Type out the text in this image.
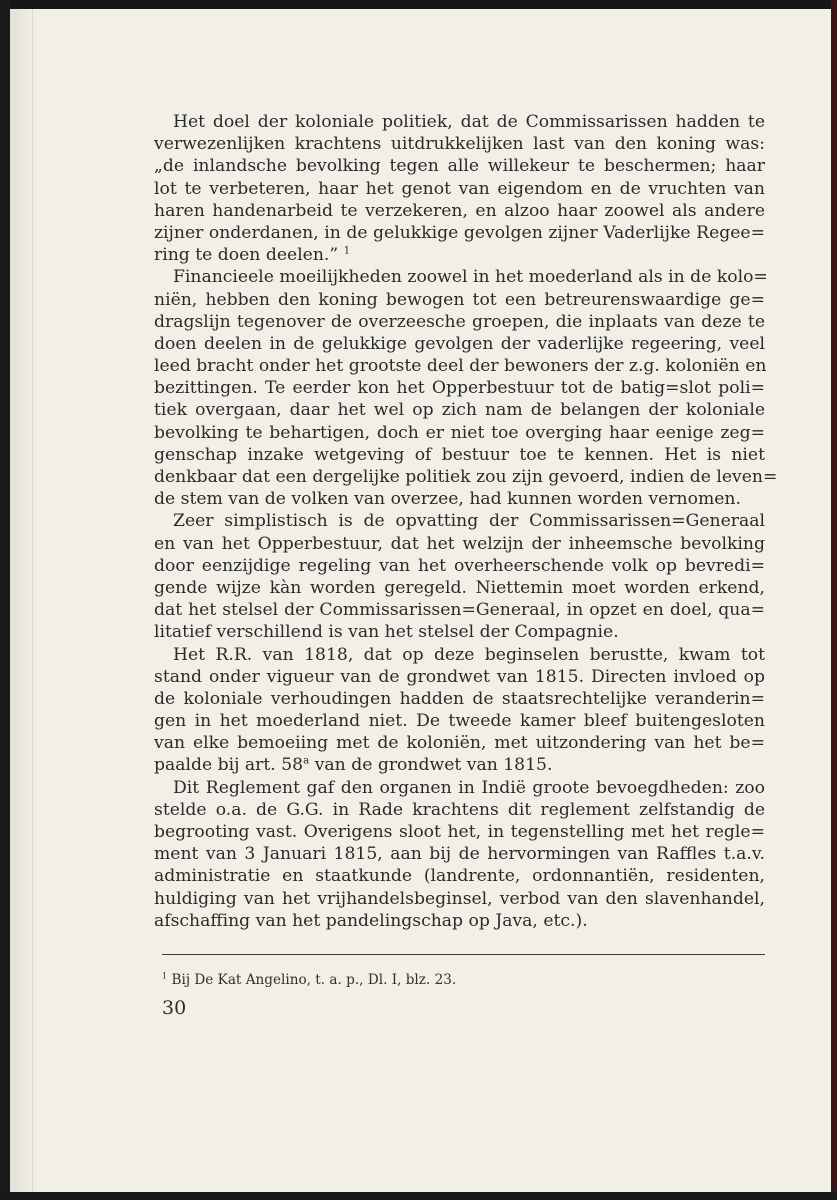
Het doel der koloniale politiek, dat de Commissarissen hadden te
verwezenlijken krachtens uitdrukkelijken last van den koning was:
„de inlandsche bevolking tegen alle willekeur te beschermen; haar
lot te verbeteren, haar het genot van eigendom en de vruchten van
haren handenarbeid te verzekeren, en alzoo haar zoowel als andere
zijner onderdanen, in de gelukkige gevolgen zijner Vaderlijke Regee=
ring te doen deelen.” $^1$
Financieele moeilijkheden zoowel in het moederland als in de kolo=
niën, hebben den koning bewogen tot een betreurenswaardige ge=
dragslijn tegenover de overzeesche groepen, die inplaats van deze te
doen deelen in de gelukkige gevolgen der vaderlijke regeering, veel
leed bracht onder het grootste deel der bewoners der z.g. koloniën en
bezittingen. Te eerder kon het Opperbestuur tot de batig=slot poli=
tiek overgaan, daar het wel op zich nam de belangen der koloniale
bevolking te behartigen, doch er niet toe overging haar eenige zeg=
genschap inzake wetgeving of bestuur toe te kennen. Het is niet
denkbaar dat een dergelijke politiek zou zijn gevoerd, indien de leven=
de stem van de volken van overzee, had kunnen worden vernomen.
Zeer simplistisch is de opvatting der Commissarissen=Generaal
en van het Opperbestuur, dat het welzijn der inheemsche bevolking
door eenzijdige regeling van het overheerschende volk op bevredi=
gende wijze kàn worden geregeld. Niettemin moet worden erkend,
dat het stelsel der Commissarissen=Generaal, in opzet en doel, qua=
litatief verschillend is van het stelsel der Compagnie.
Het R.R. van 1818, dat op deze beginselen berustte, kwam tot
stand onder vigueur van de grondwet van 1815. Directen invloed op
de koloniale verhoudingen hadden de staatsrechtelijke veranderin=
gen in het moederland niet. De tweede kamer bleef buitengesloten
van elke bemoeiing met de koloniën, met uitzondering van het be=
paalde bij art. 58$^a$ van de grondwet van 1815.
Dit Reglement gaf den organen in Indië groote bevoegdheden: zoo
stelde o.a. de G.G. in Rade krachtens dit reglement zelfstandig de
begrooting vast. Overigens sloot het, in tegenstelling met het regle=
ment van 3 Januari 1815, aan bij de hervormingen van Raffles t.a.v.
administratie en staatkunde (landrente, ordonnantiën, residenten,
huldiging van het vrijhandelsbeginsel, verbod van den slavenhandel,
afschaffing van het pandelingschap op Java, etc.).
$^1$ Bij De Kat Angelino, t. a. p., Dl. I, blz. 23.
30
